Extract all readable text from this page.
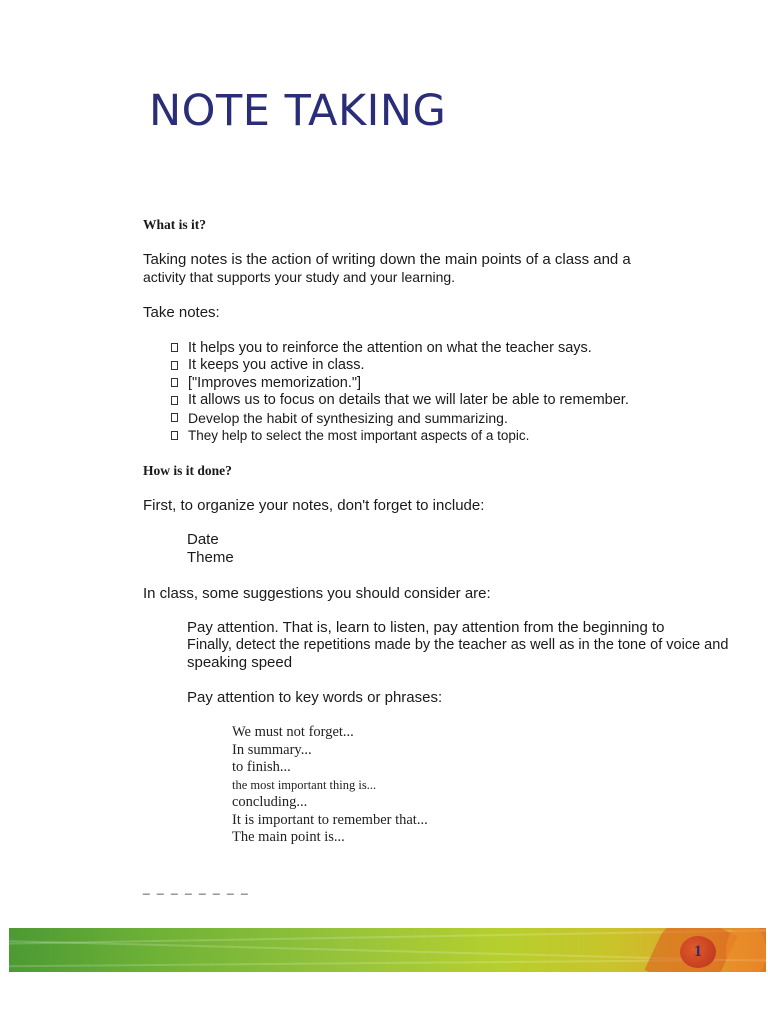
NOTE TAKING

What is it?

Taking notes is the action of writing down the main points of a class and a

activity that supports your study and your learning.

Take notes:

It helps you to reinforce the attention on what the teacher says.
It keeps you active in class.
["Improves memorization."]
It allows us to focus on details that we will later be able to remember.
Develop the habit of synthesizing and summarizing.
They help to select the most important aspects of a topic.

How is it done?

First, to organize your notes, don't forget to include:

Date

Theme

In class, some suggestions you should consider are:

Pay attention. That is, learn to listen, pay attention from the beginning to

Finally, detect the repetitions made by the teacher as well as in the tone of voice and

speaking speed

Pay attention to key words or phrases:

We must not forget...
In summary...
to finish...
the most important thing is...
concluding...
It is important to remember that...
The main point is...
_ _ _ _ _ _ _ _
1
